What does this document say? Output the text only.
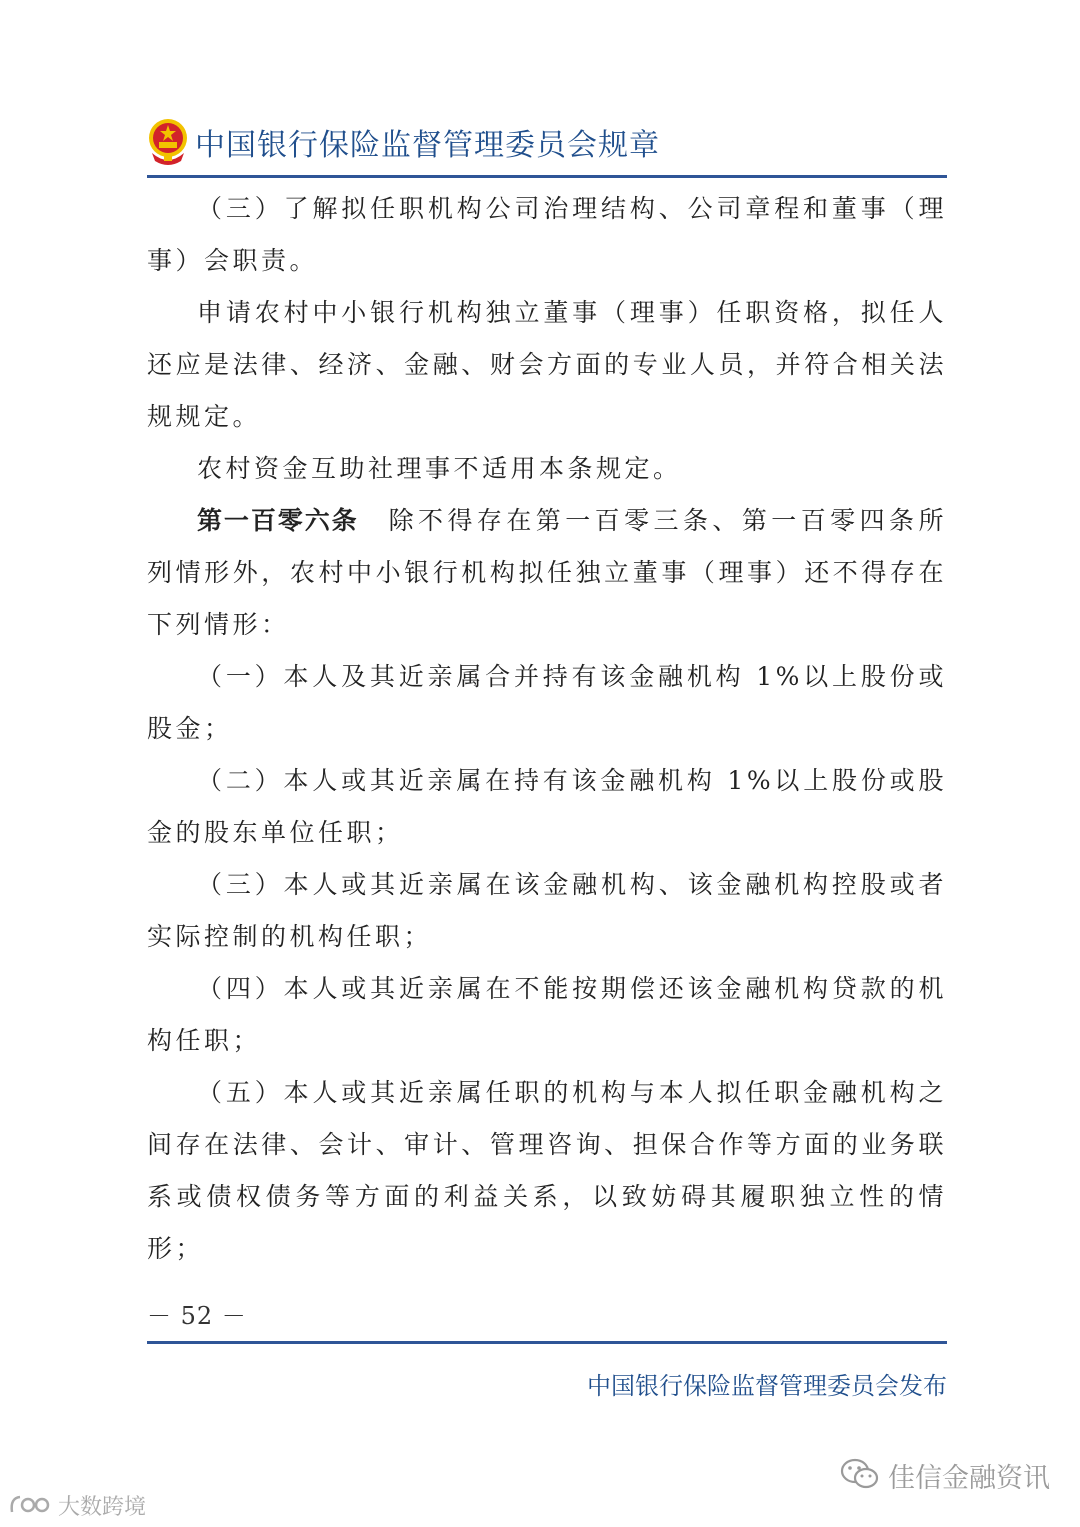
中国银行保险监督管理委员会规章

（三）了解拟任职机构公司治理结构、公司章程和董事（理事）会职责。

申请农村中小银行机构独立董事（理事）任职资格，拟任人还应是法律、经济、金融、财会方面的专业人员，并符合相关法规规定。

农村资金互助社理事不适用本条规定。

第一百零六条 除不得存在第一百零三条、第一百零四条所列情形外，农村中小银行机构拟任独立董事（理事）还不得存在下列情形：

（一）本人及其近亲属合并持有该金融机构 1%以上股份或股金；

（二）本人或其近亲属在持有该金融机构 1%以上股份或股金的股东单位任职；

（三）本人或其近亲属在该金融机构、该金融机构控股或者实际控制的机构任职；

（四）本人或其近亲属在不能按期偿还该金融机构贷款的机构任职；

（五）本人或其近亲属任职的机构与本人拟任职金融机构之间存在法律、会计、审计、管理咨询、担保合作等方面的业务联系或债权债务等方面的利益关系，以致妨碍其履职独立性的情形；

－ 52 －
中国银行保险监督管理委员会发布
佳信金融资讯
大数跨境
